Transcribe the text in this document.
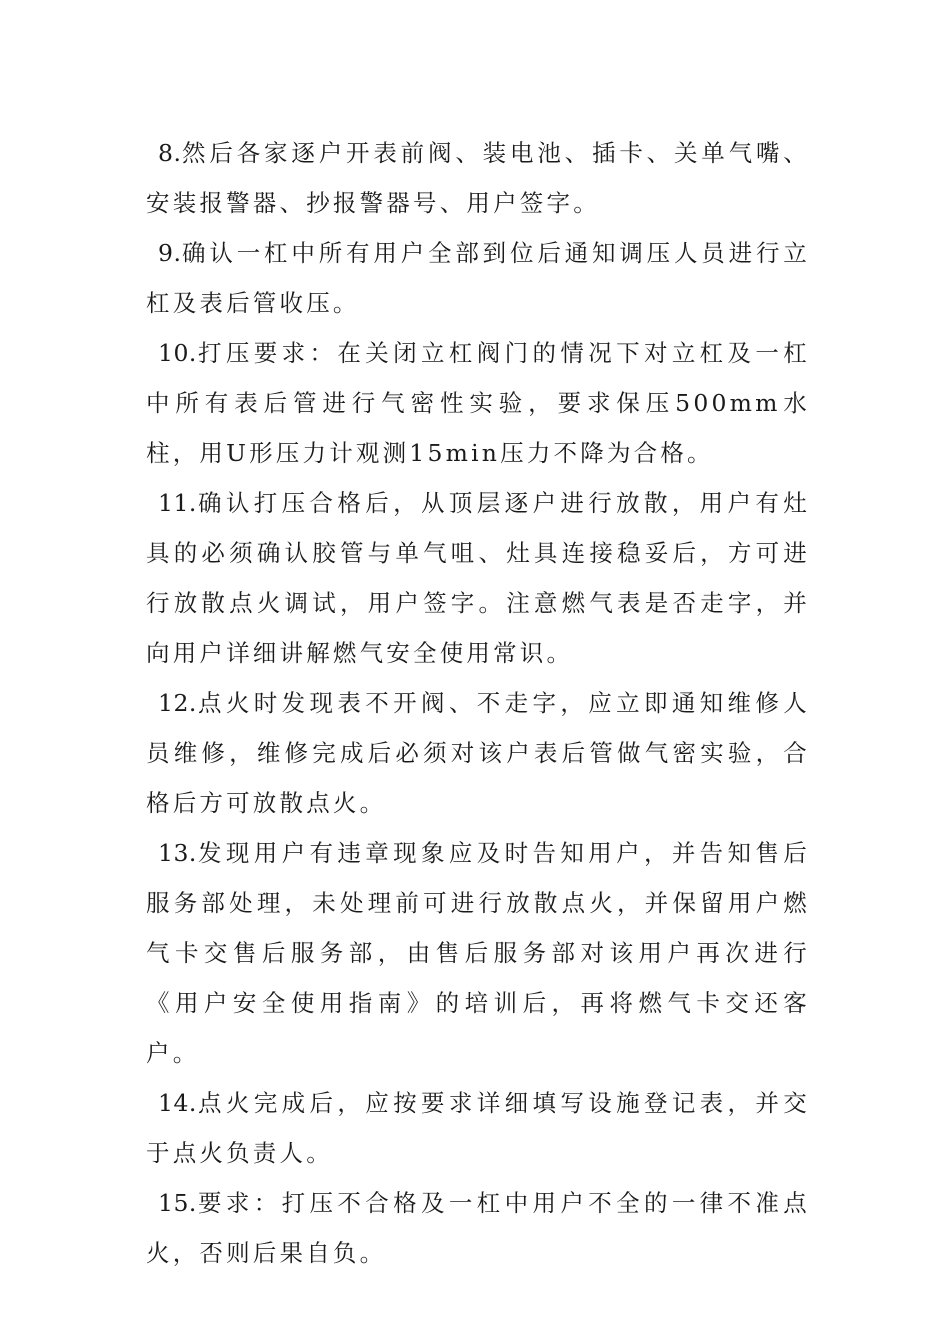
8.然后各家逐户开表前阀、装电池、插卡、关单气嘴、安装报警器、抄报警器号、用户签字。

9.确认一杠中所有用户全部到位后通知调压人员进行立杠及表后管收压。

10.打压要求：在关闭立杠阀门的情况下对立杠及一杠中所有表后管进行气密性实验，要求保压500mm水柱，用U形压力计观测15min压力不降为合格。

11.确认打压合格后，从顶层逐户进行放散，用户有灶具的必须确认胶管与单气咀、灶具连接稳妥后，方可进行放散点火调试，用户签字。注意燃气表是否走字，并向用户详细讲解燃气安全使用常识。

12.点火时发现表不开阀、不走字，应立即通知维修人员维修，维修完成后必须对该户表后管做气密实验，合格后方可放散点火。

13.发现用户有违章现象应及时告知用户，并告知售后服务部处理，未处理前可进行放散点火，并保留用户燃气卡交售后服务部，由售后服务部对该用户再次进行《用户安全使用指南》的培训后，再将燃气卡交还客户。

14.点火完成后，应按要求详细填写设施登记表，并交于点火负责人。

15.要求：打压不合格及一杠中用户不全的一律不准点火，否则后果自负。
